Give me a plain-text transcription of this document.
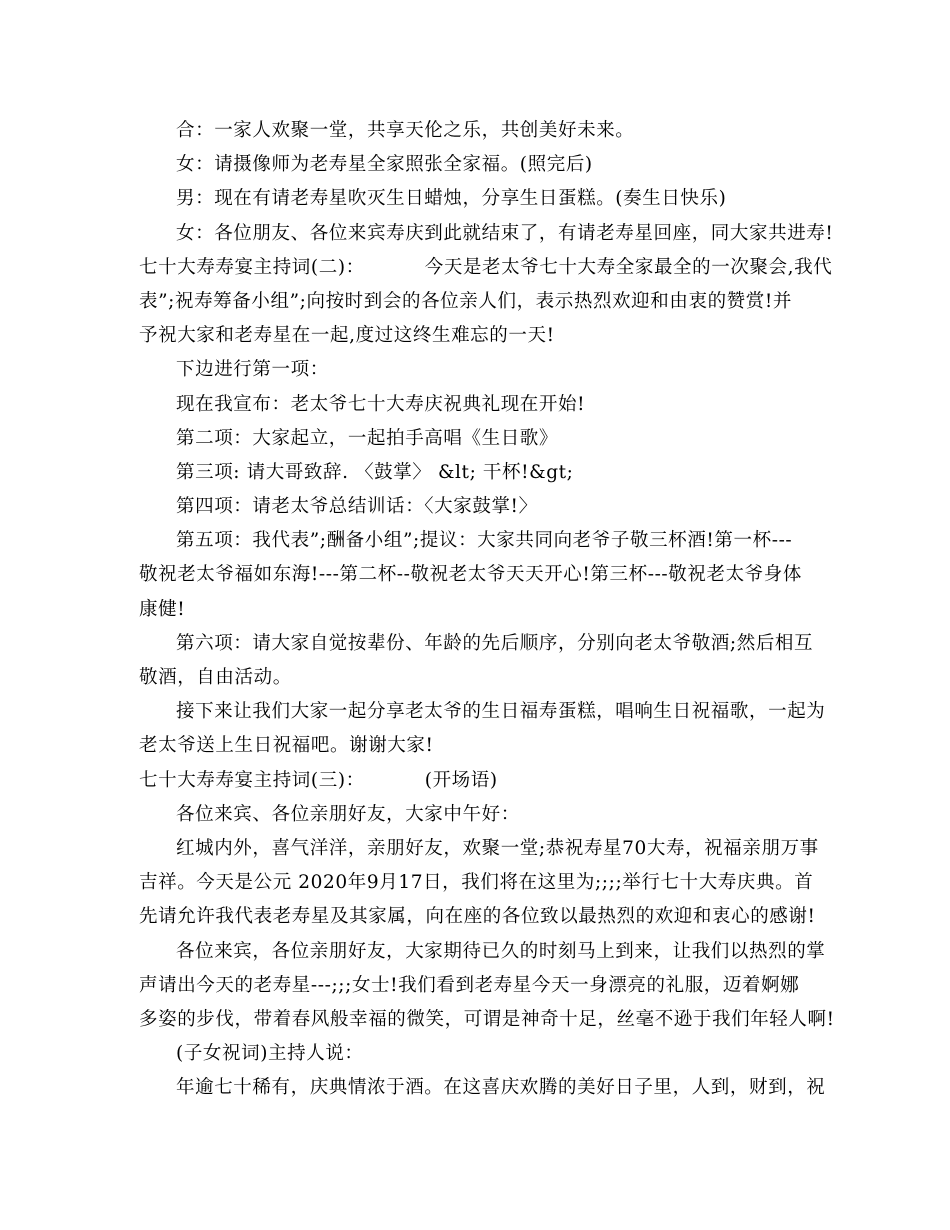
合：一家人欢聚一堂，共享天伦之乐，共创美好未来。
女：请摄像师为老寿星全家照张全家福。(照完后)
男：现在有请老寿星吹灭生日蜡烛，分享生日蛋糕。(奏生日快乐)
女：各位朋友、各位来宾寿庆到此就结束了，有请老寿星回座，同大家共进寿!
七十大寿寿宴主持词(二)：	今天是老太爷七十大寿全家最全的一次聚会,我代
表”;祝寿筹备小组”;向按时到会的各位亲人们，表示热烈欢迎和由衷的赞赏!并
予祝大家和老寿星在一起,度过这终生难忘的一天!
下边进行第一项：
现在我宣布：老太爷七十大寿庆祝典礼现在开始!
第二项：大家起立，一起拍手高唱《生日歌》
第三项: 请大哥致辞. 〈鼓掌〉 &lt; 干杯!&gt;
第四项：请老太爷总结训话：〈大家鼓掌!〉
第五项：我代表”;酬备小组”;提议：大家共同向老爷子敬三杯酒!第一杯---
敬祝老太爷福如东海!---第二杯--敬祝老太爷天天开心!第三杯---敬祝老太爷身体
康健!
第六项：请大家自觉按辈份、年龄的先后顺序，分别向老太爷敬酒;然后相互
敬酒，自由活动。
接下来让我们大家一起分享老太爷的生日福寿蛋糕，唱响生日祝福歌，一起为
老太爷送上生日祝福吧。谢谢大家!
七十大寿寿宴主持词(三)：	(开场语)
各位来宾、各位亲朋好友，大家中午好：
红城内外，喜气洋洋，亲朋好友，欢聚一堂;恭祝寿星70大寿，祝福亲朋万事
吉祥。今天是公元 2020年9月17日，我们将在这里为;;;;举行七十大寿庆典。首
先请允许我代表老寿星及其家属，向在座的各位致以最热烈的欢迎和衷心的感谢!
各位来宾，各位亲朋好友，大家期待已久的时刻马上到来，让我们以热烈的掌
声请出今天的老寿星---;;;女士!我们看到老寿星今天一身漂亮的礼服，迈着婀娜
多姿的步伐，带着春风般幸福的微笑，可谓是神奇十足，丝毫不逊于我们年轻人啊!
(子女祝词)主持人说：
年逾七十稀有，庆典情浓于酒。在这喜庆欢腾的美好日子里，人到，财到，祝
